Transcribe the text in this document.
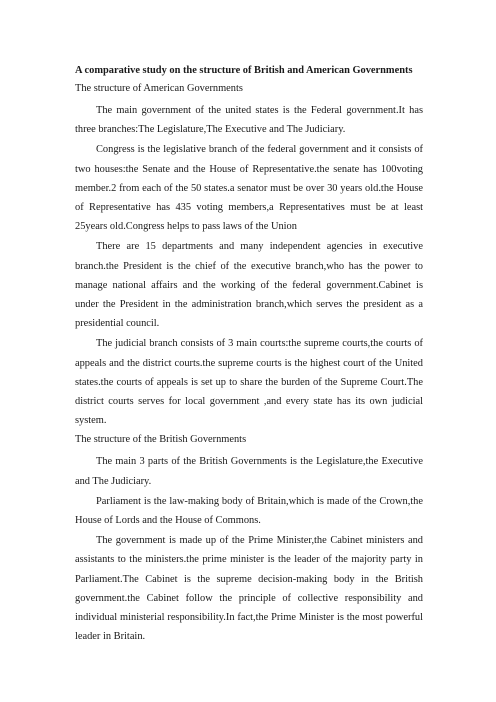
A comparative study on the structure of British and American Governments

The structure of American Governments

The main government of the united states is the Federal government.It has three branches:The Legislature,The Executive and The Judiciary.

Congress is the legislative branch of the federal government and it consists of two houses:the Senate and the House of Representative.the senate has 100voting member.2 from each of the 50 states.a senator must be over 30 years old.the House of Representative has 435 voting members,a Representatives must be at least 25years old.Congress helps to pass laws of the Union

There are 15 departments and many independent agencies in executive branch.the President is the chief of the executive branch,who has the power to manage national affairs and the working of the federal government.Cabinet is under the President in the administration branch,which serves the president as a presidential council.

The judicial branch consists of 3 main courts:the supreme courts,the courts of appeals and the district courts.the supreme courts is the highest court of the United states.the courts of appeals is set up to share the burden of the Supreme Court.The district courts serves for local government ,and every state has its own judicial system.

The structure of the British Governments

The main 3 parts of the British Governments is the Legislature,the Executive and The Judiciary.

Parliament is the law-making body of Britain,which is made of the Crown,the House of Lords and the House of Commons.

The government is made up of the Prime Minister,the Cabinet ministers and assistants to the ministers.the prime minister is the leader of the majority party in Parliament.The Cabinet is the supreme decision-making body in the British government.the Cabinet follow the principle of collective responsibility and individual ministerial responsibility.In fact,the Prime Minister is the most powerful leader in Britain.
